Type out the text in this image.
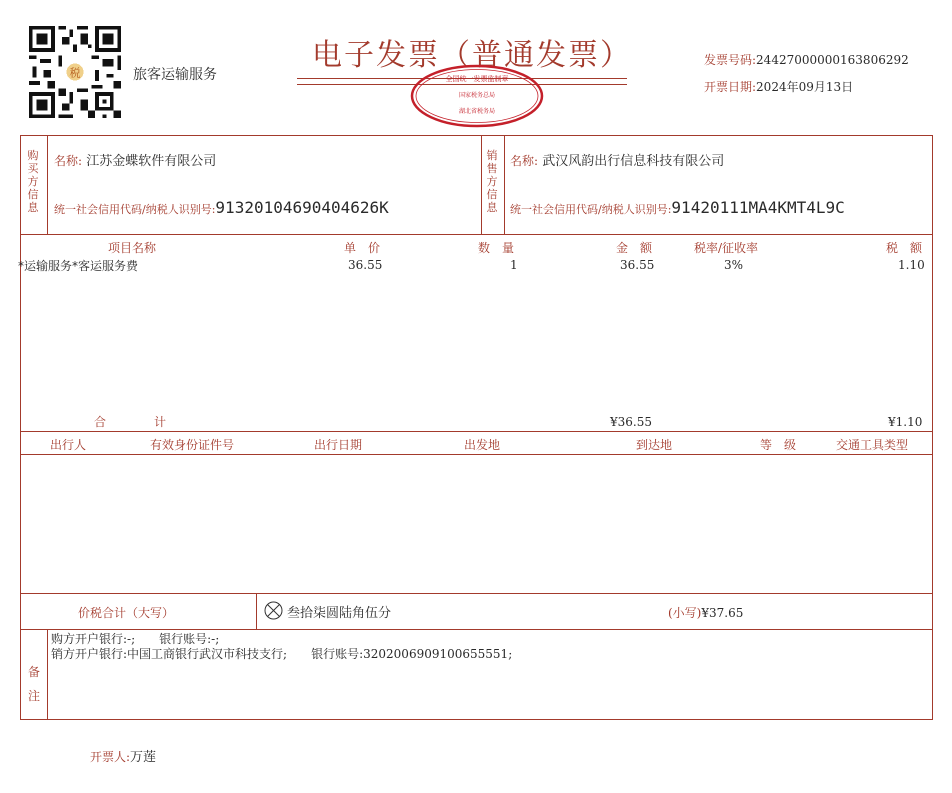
税	旅客运输服务
电子发票（普通发票）
全国统一发票监制章
国家税务总局
湖北省税务局
发票号码:24427000000163806292
开票日期:2024年09月13日
购买方信息
销售方信息
名称: 江苏金蝶软件有限公司
统一社会信用代码/纳税人识别号:91320104690404626K
名称: 武汉风韵出行信息科技有限公司
统一社会信用代码/纳税人识别号:91420111MA4KMT4L9C
项目名称	单　价	数　量	金　额	税率/征收率	税　额
*运输服务*客运服务费	36.55	1	36.55	3%	1.10
合　　　　计	¥36.55	¥1.10
出行人	有效身份证件号	出行日期	出发地	到达地	等　级	交通工具类型
价税合计（大写）	叁拾柒圆陆角伍分	(小写)¥37.65
备注
购方开户银行:-;　　银行账号:-;
销方开户银行:中国工商银行武汉市科技支行;　　银行账号:3202006909100655551;
开票人:万莲
